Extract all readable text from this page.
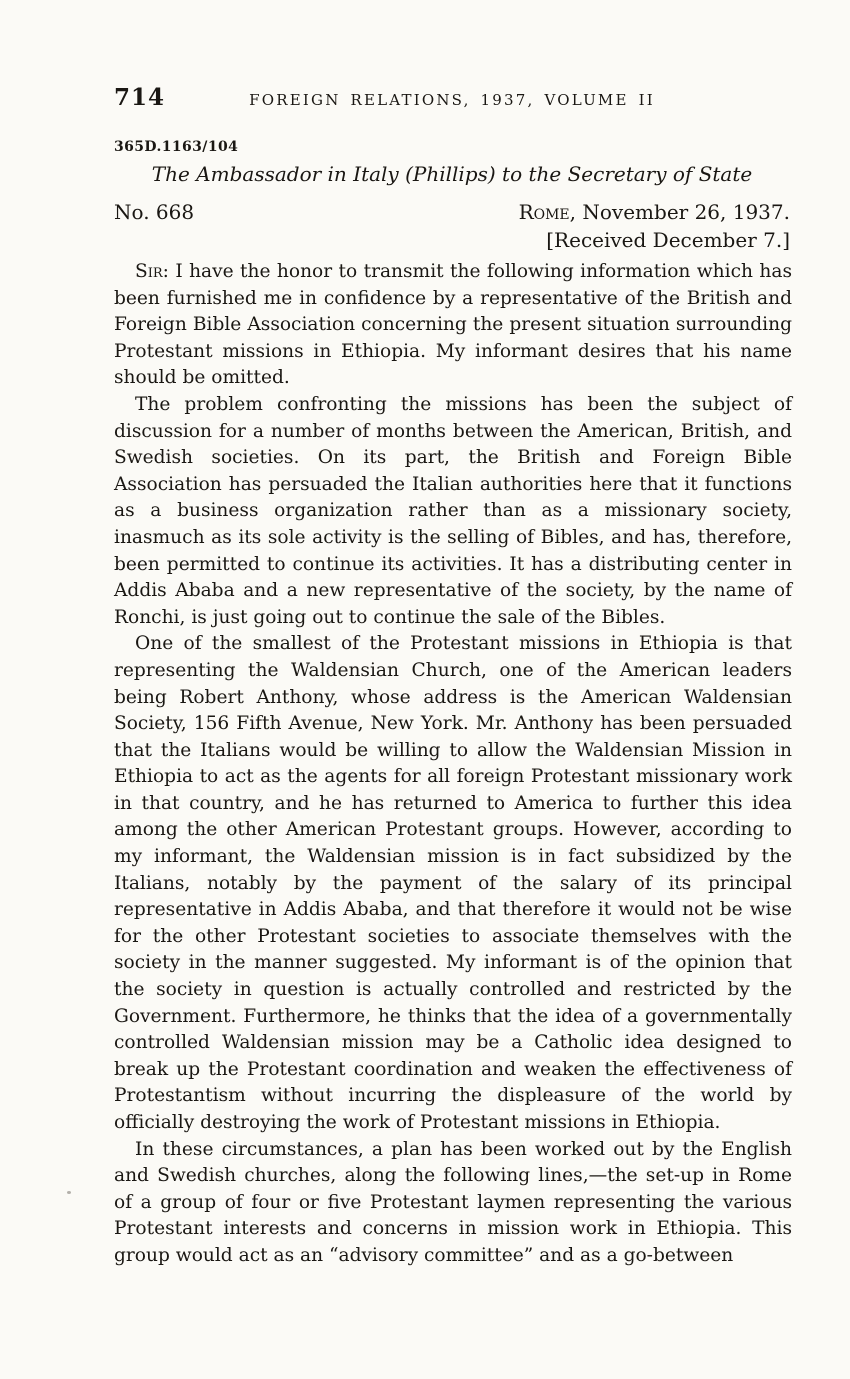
714	FOREIGN RELATIONS, 1937, VOLUME II
365D.1163/104
The Ambassador in Italy (Phillips) to the Secretary of State
No. 668	Rome, November 26, 1937.
[Received December 7.]

Sir: I have the honor to transmit the following information which has been furnished me in confidence by a representative of the British and Foreign Bible Association concerning the present situation surrounding Protestant missions in Ethiopia. My informant desires that his name should be omitted.

The problem confronting the missions has been the subject of discussion for a number of months between the American, British, and Swedish societies. On its part, the British and Foreign Bible Association has persuaded the Italian authorities here that it functions as a business organization rather than as a missionary society, inasmuch as its sole activity is the selling of Bibles, and has, therefore, been permitted to continue its activities. It has a distributing center in Addis Ababa and a new representative of the society, by the name of Ronchi, is just going out to continue the sale of the Bibles.

One of the smallest of the Protestant missions in Ethiopia is that representing the Waldensian Church, one of the American leaders being Robert Anthony, whose address is the American Waldensian Society, 156 Fifth Avenue, New York. Mr. Anthony has been persuaded that the Italians would be willing to allow the Waldensian Mission in Ethiopia to act as the agents for all foreign Protestant missionary work in that country, and he has returned to America to further this idea among the other American Protestant groups. However, according to my informant, the Waldensian mission is in fact subsidized by the Italians, notably by the payment of the salary of its principal representative in Addis Ababa, and that therefore it would not be wise for the other Protestant societies to associate themselves with the society in the manner suggested. My informant is of the opinion that the society in question is actually controlled and restricted by the Government. Furthermore, he thinks that the idea of a governmentally controlled Waldensian mission may be a Catholic idea designed to break up the Protestant coordination and weaken the effectiveness of Protestantism without incurring the displeasure of the world by officially destroying the work of Protestant missions in Ethiopia.

In these circumstances, a plan has been worked out by the English and Swedish churches, along the following lines,—the set-up in Rome of a group of four or five Protestant laymen representing the various Protestant interests and concerns in mission work in Ethiopia. This group would act as an “advisory committee” and as a go-between
